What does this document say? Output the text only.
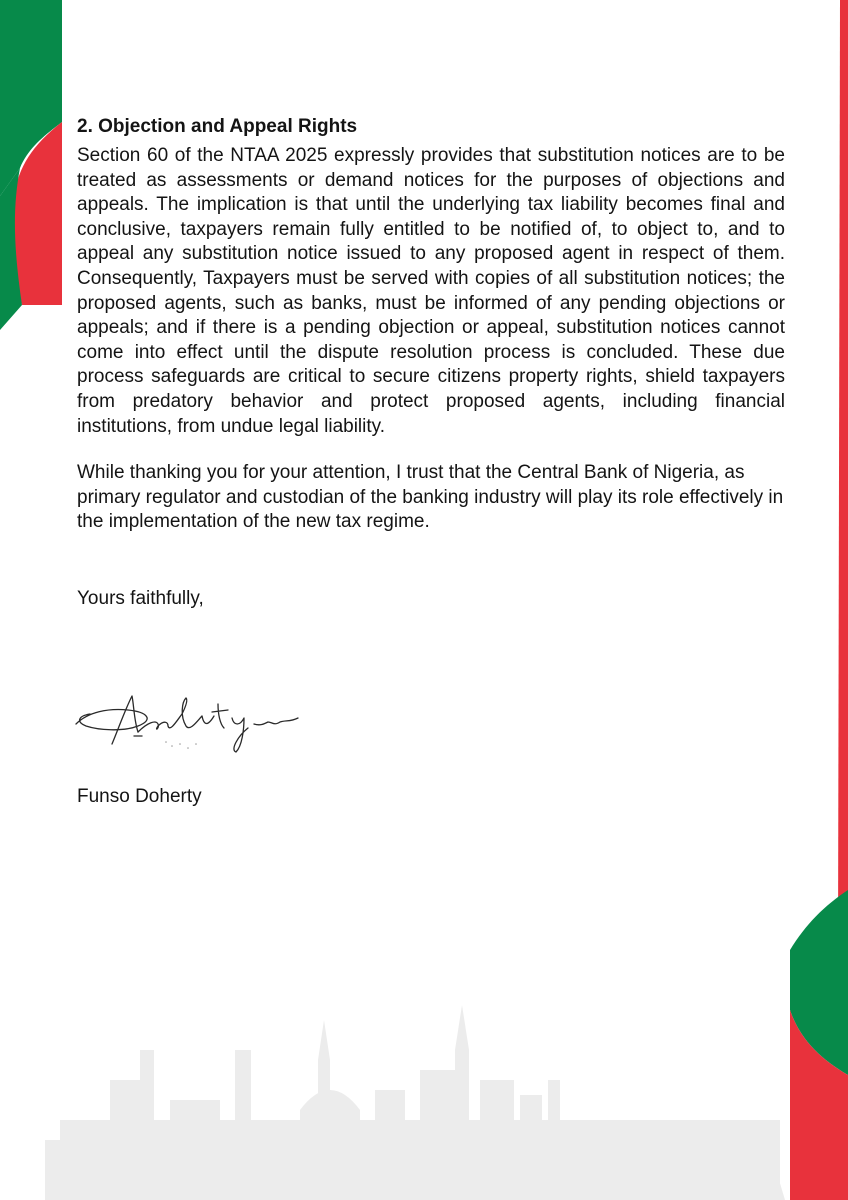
2. Objection and Appeal Rights

Section 60 of the NTAA 2025 expressly provides that substitution notices are to be treated as assessments or demand notices for the purposes of objections and appeals. The implication is that until the underlying tax liability becomes final and conclusive, taxpayers remain fully entitled to be notified of, to object to, and to appeal any substitution notice issued to any proposed agent in respect of them. Consequently, Taxpayers must be served with copies of all substitution notices; the proposed agents, such as banks, must be informed of any pending objections or appeals; and if there is a pending objection or appeal, substitution notices cannot come into effect until the dispute resolution process is concluded. These due process safeguards are critical to secure citizens property rights, shield taxpayers from predatory behavior and protect proposed agents, including financial institutions, from undue legal liability.

While thanking you for your attention, I trust that the Central Bank of Nigeria, as primary regulator and custodian of the banking industry will play its role effectively in the implementation of the new tax regime.

Yours faithfully,

Funso Doherty
